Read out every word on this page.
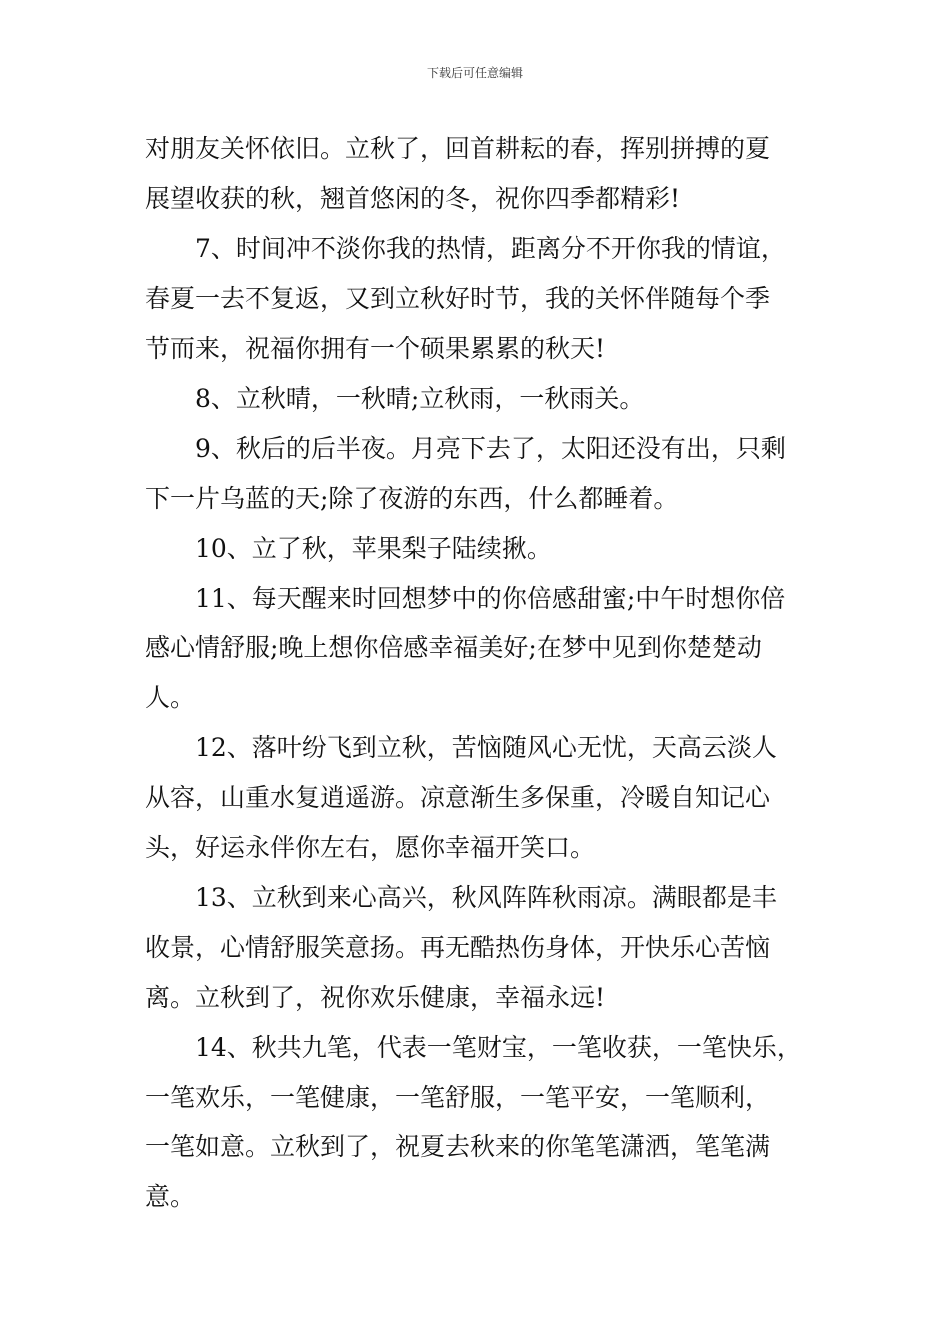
下载后可任意编辑
对朋友关怀依旧。立秋了，回首耕耘的春，挥别拼搏的夏
展望收获的秋，翘首悠闲的冬，祝你四季都精彩!
7、时间冲不淡你我的热情，距离分不开你我的情谊，
春夏一去不复返，又到立秋好时节，我的关怀伴随每个季
节而来，祝福你拥有一个硕果累累的秋天!
8、立秋晴，一秋晴;立秋雨，一秋雨关。
9、秋后的后半夜。月亮下去了，太阳还没有出，只剩
下一片乌蓝的天;除了夜游的东西，什么都睡着。
10、立了秋，苹果梨子陆续揪。
11、每天醒来时回想梦中的你倍感甜蜜;中午时想你倍
感心情舒服;晚上想你倍感幸福美好;在梦中见到你楚楚动
人。
12、落叶纷飞到立秋，苦恼随风心无忧，天高云淡人
从容，山重水复逍遥游。凉意渐生多保重，冷暖自知记心
头，好运永伴你左右，愿你幸福开笑口。
13、立秋到来心高兴，秋风阵阵秋雨凉。满眼都是丰
收景，心情舒服笑意扬。再无酷热伤身体，开快乐心苦恼
离。立秋到了，祝你欢乐健康，幸福永远!
14、秋共九笔，代表一笔财宝，一笔收获，一笔快乐，
一笔欢乐，一笔健康，一笔舒服，一笔平安，一笔顺利，
一笔如意。立秋到了，祝夏去秋来的你笔笔潇洒，笔笔满
意。
